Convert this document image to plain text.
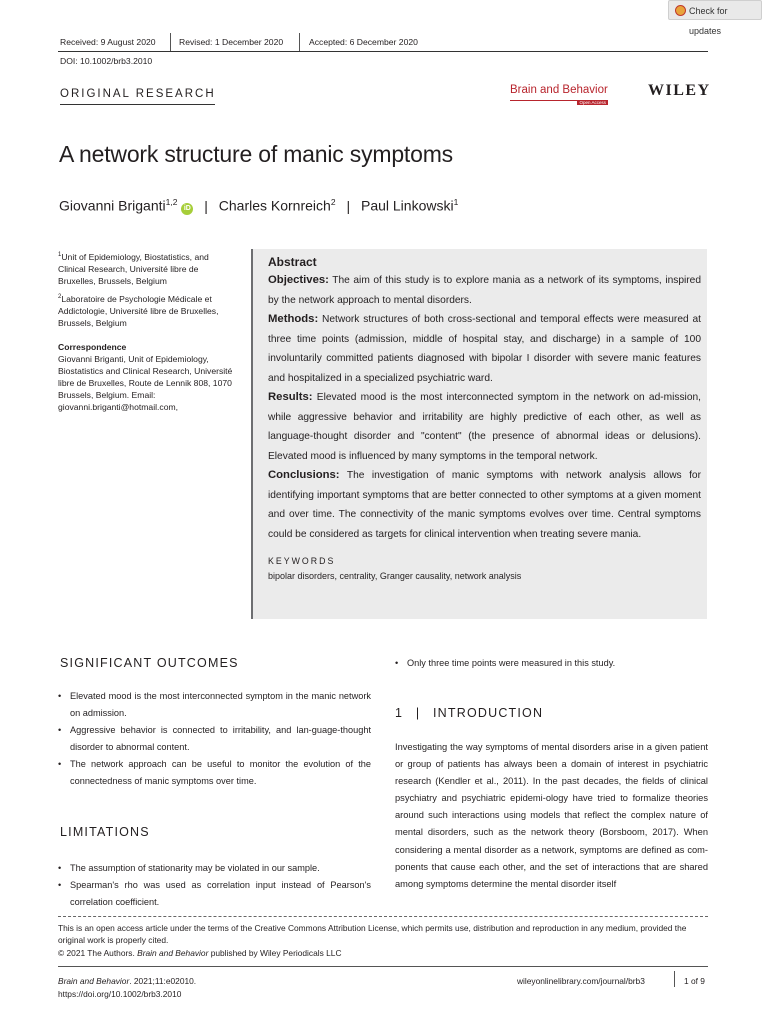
Check for updates
Received: 9 August 2020	Revised: 1 December 2020	Accepted: 6 December 2020
DOI: 10.1002/brb3.2010
ORIGINAL RESEARCH	Brain and Behavior
Open Access
WILEY
A network structure of manic symptoms
Giovanni Briganti$^{1,2}$ iD | Charles Kornreich$^2$ | Paul Linkowski$^1$

$^1$Unit of Epidemiology, Biostatistics, and Clinical Research, Université libre de Bruxelles, Brussels, Belgium

$^2$Laboratoire de Psychologie Médicale et Addictologie, Université libre de Bruxelles, Brussels, Belgium

Correspondence

Giovanni Briganti, Unit of Epidemiology, Biostatistics and Clinical Research, Université libre de Bruxelles, Route de Lennik 808, 1070 Brussels, Belgium. Email: giovanni.briganti@hotmail.com,

Abstract

Objectives: The aim of this study is to explore mania as a network of its symptoms, inspired by the network approach to mental disorders.

Methods: Network structures of both cross-sectional and temporal effects were measured at three time points (admission, middle of hospital stay, and discharge) in a sample of 100 involuntarily committed patients diagnosed with bipolar I disorder with severe manic features and hospitalized in a specialized psychiatric ward.

Results: Elevated mood is the most interconnected symptom in the network on ad-mission, while aggressive behavior and irritability are highly predictive of each other, as well as language-thought disorder and "content" (the presence of abnormal ideas or delusions). Elevated mood is influenced by many symptoms in the temporal network.

Conclusions: The investigation of manic symptoms with network analysis allows for identifying important symptoms that are better connected to other symptoms at a given moment and over time. The connectivity of the manic symptoms evolves over time. Central symptoms could be considered as targets for clinical intervention when treating severe mania.

KEYWORDS
bipolar disorders, centrality, Granger causality, network analysis
SIGNIFICANT OUTCOMES
• Elevated mood is the most interconnected symptom in the manic network on admission.
• Aggressive behavior is connected to irritability, and lan-guage-thought disorder to abnormal content.
• The network approach can be useful to monitor the evolution of the connectedness of manic symptoms over time.
LIMITATIONS
• The assumption of stationarity may be violated in our sample.
• Spearman's rho was used as correlation input instead of Pearson's correlation coefficient.
• Only three time points were measured in this study.
1 | INTRODUCTION

Investigating the way symptoms of mental disorders arise in a given patient or group of patients has always been a domain of interest in psychiatric research (Kendler et al., 2011). In the past decades, the fields of clinical psychiatry and psychiatric epidemi-ology have tried to formalize theories around such interactions using models that reflect the complex nature of mental disorders, such as the network theory (Borsboom, 2017). When considering a mental disorder as a network, symptoms are defined as com-ponents that cause each other, and the set of interactions that are shared among symptoms determine the mental disorder itself

This is an open access article under the terms of the Creative Commons Attribution License, which permits use, distribution and reproduction in any medium, provided the original work is properly cited.
© 2021 The Authors. Brain and Behavior published by Wiley Periodicals LLC
Brain and Behavior. 2021;11:e02010.
https://doi.org/10.1002/brb3.2010
wileyonlinelibrary.com/journal/brb3	1 of 9
